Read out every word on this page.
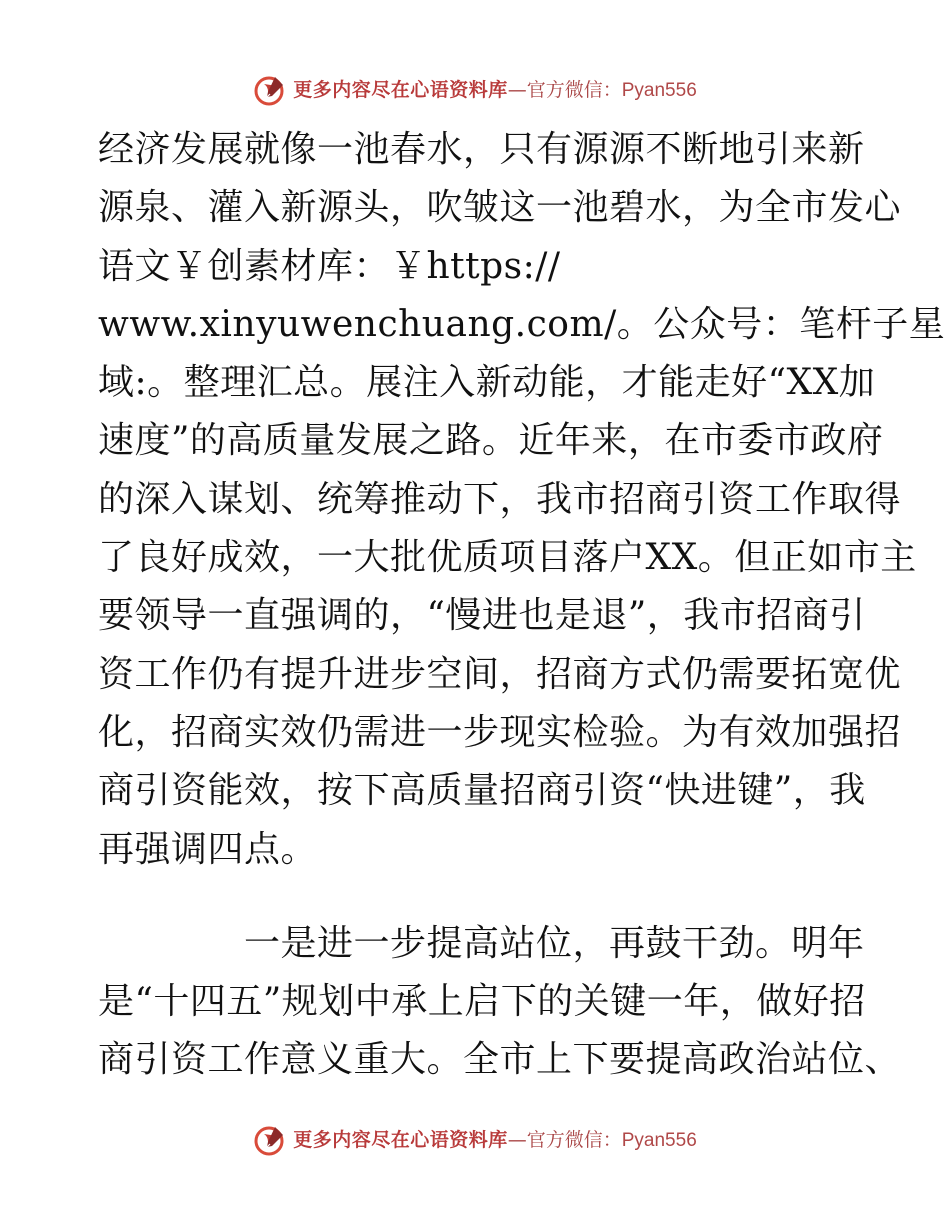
更多内容尽在心语资料库 —官方微信： Pyan556
经济发展就像一池春水，只有源源不断地引来新
源泉、灌入新源头，吹皱这一池碧水，为全市发心
语文￥创素材库：￥https://
www.xinyuwenchuang.com/。公众号：笔杆子星
域:。整理汇总。展注入新动能，才能走好“XX加
速度”的高质量发展之路。近年来，在市委市政府
的深入谋划、统筹推动下，我市招商引资工作取得
了良好成效，一大批优质项目落户XX。但正如市主
要领导一直强调的，“慢进也是退”，我市招商引
资工作仍有提升进步空间，招商方式仍需要拓宽优
化，招商实效仍需进一步现实检验。为有效加强招
商引资能效，按下高质量招商引资“快进键”，我
再强调四点。
　　　　一是进一步提高站位，再鼓干劲。明年
是“十四五”规划中承上启下的关键一年，做好招
商引资工作意义重大。全市上下要提高政治站位、
更多内容尽在心语资料库 —官方微信： Pyan556
